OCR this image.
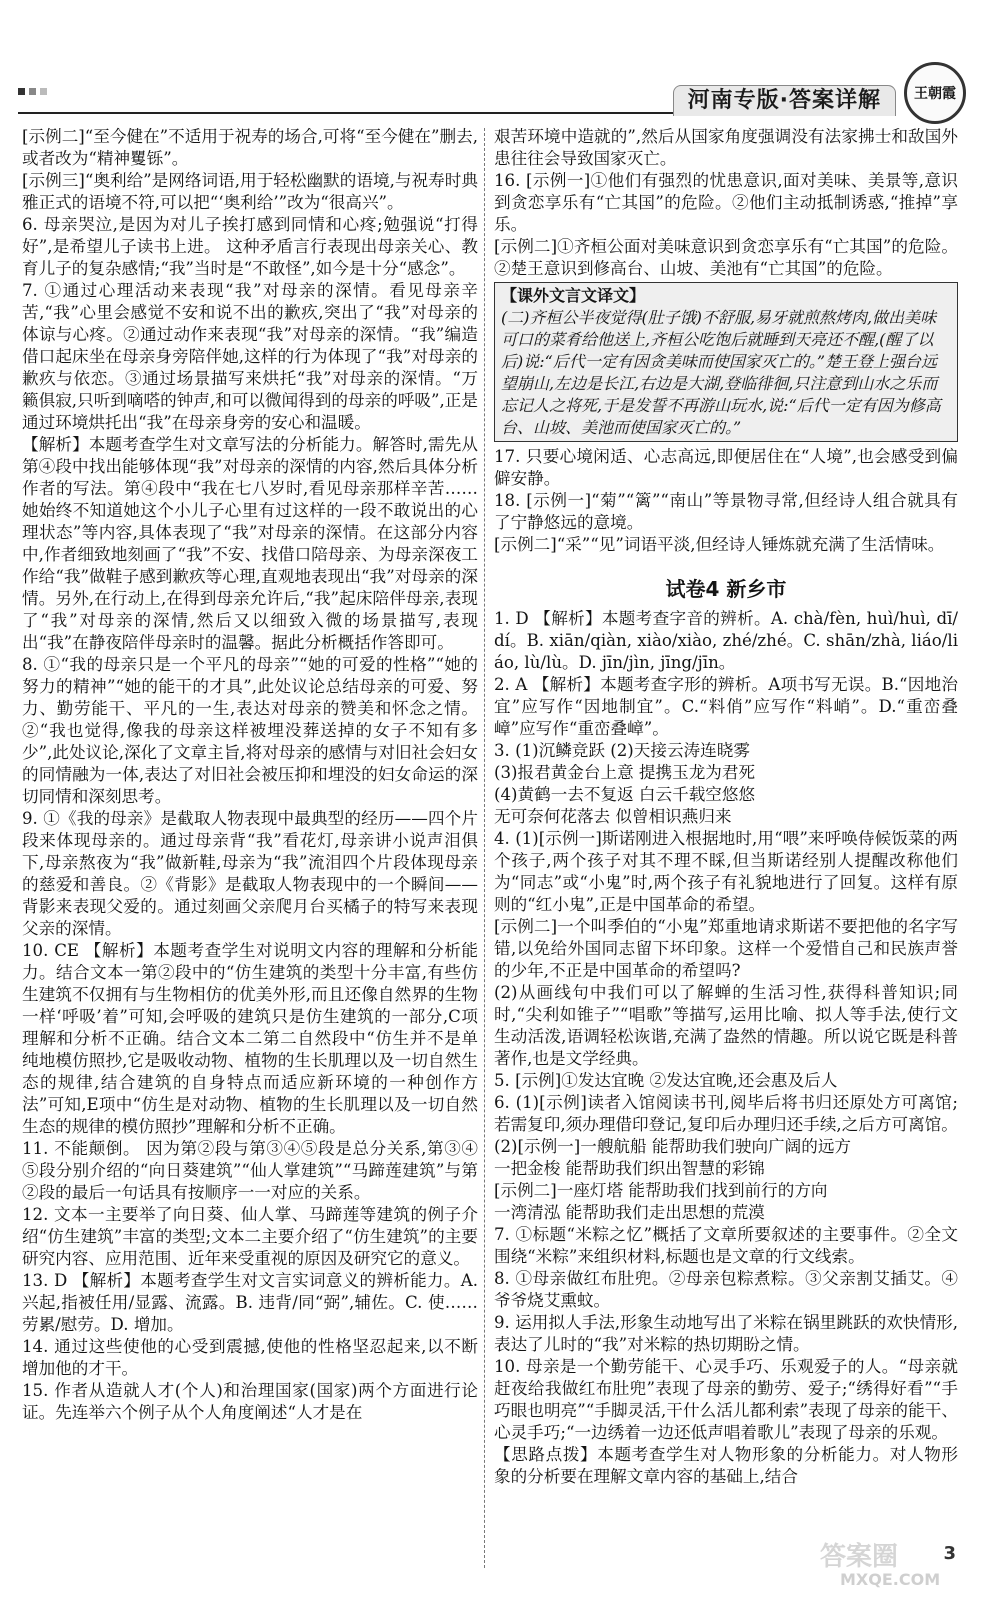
河南专版·答案详解	王朝霞

[示例二]“至今健在”不适用于祝寿的场合,可将“至今健在”删去,或者改为“精神矍铄”。

[示例三]“奥利给”是网络词语,用于轻松幽默的语境,与祝寿时典雅正式的语境不符,可以把“‘奥利给’”改为“很高兴”。

6. 母亲哭泣,是因为对儿子挨打感到同情和心疼;勉强说“打得好”,是希望儿子读书上进。 这种矛盾言行表现出母亲关心、教育儿子的复杂感情;“我”当时是“不敢怪”,如今是十分“感念”。

7. ①通过心理活动来表现“我”对母亲的深情。看见母亲辛苦,“我”心里会感觉不安和说不出的歉疚,突出了“我”对母亲的体谅与心疼。②通过动作来表现“我”对母亲的深情。“我”编造借口起床坐在母亲身旁陪伴她,这样的行为体现了“我”对母亲的歉疚与依恋。③通过场景描写来烘托“我”对母亲的深情。“万籁俱寂,只听到嘀嗒的钟声,和可以微闻得到的母亲的呼吸”,正是通过环境烘托出“我”在母亲身旁的安心和温暖。

【解析】本题考查学生对文章写法的分析能力。解答时,需先从第④段中找出能够体现“我”对母亲的深情的内容,然后具体分析作者的写法。第④段中“我在七八岁时,看见母亲那样辛苦……她始终不知道她这个小儿子心里有过这样的一段不敢说出的心理状态”等内容,具体表现了“我”对母亲的深情。在这部分内容中,作者细致地刻画了“我”不安、找借口陪母亲、为母亲深夜工作给“我”做鞋子感到歉疚等心理,直观地表现出“我”对母亲的深情。另外,在行动上,在得到母亲允许后,“我”起床陪伴母亲,表现了“我”对母亲的深情,然后又以细致入微的场景描写,表现出“我”在静夜陪伴母亲时的温馨。据此分析概括作答即可。

8. ①“我的母亲只是一个平凡的母亲”“她的可爱的性格”“她的努力的精神”“她的能干的才具”,此处议论总结母亲的可爱、努力、勤劳能干、平凡的一生,表达对母亲的赞美和怀念之情。②“我也觉得,像我的母亲这样被埋没葬送掉的女子不知有多少”,此处议论,深化了文章主旨,将对母亲的感情与对旧社会妇女的同情融为一体,表达了对旧社会被压抑和埋没的妇女命运的深切同情和深刻思考。

9. ①《我的母亲》是截取人物表现中最典型的经历——四个片段来体现母亲的。通过母亲背“我”看花灯,母亲讲小说声泪俱下,母亲熬夜为“我”做新鞋,母亲为“我”流泪四个片段体现母亲的慈爱和善良。②《背影》是截取人物表现中的一个瞬间——背影来表现父爱的。通过刻画父亲爬月台买橘子的特写来表现父亲的深情。

10. CE 【解析】本题考查学生对说明文内容的理解和分析能力。结合文本一第②段中的“仿生建筑的类型十分丰富,有些仿生建筑不仅拥有与生物相仿的优美外形,而且还像自然界的生物一样‘呼吸’着”可知,会呼吸的建筑只是仿生建筑的一部分,C项理解和分析不正确。结合文本二第二自然段中“仿生并不是单纯地模仿照抄,它是吸收动物、植物的生长肌理以及一切自然生态的规律,结合建筑的自身特点而适应新环境的一种创作方法”可知,E项中“仿生是对动物、植物的生长肌理以及一切自然生态的规律的模仿照抄”理解和分析不正确。

11. 不能颠倒。 因为第②段与第③④⑤段是总分关系,第③④⑤段分别介绍的“向日葵建筑”“仙人掌建筑”“马蹄莲建筑”与第②段的最后一句话具有按顺序一一对应的关系。

12. 文本一主要举了向日葵、仙人掌、马蹄莲等建筑的例子介绍“仿生建筑”丰富的类型;文本二主要介绍了“仿生建筑”的主要研究内容、应用范围、近年来受重视的原因及研究它的意义。

13. D 【解析】本题考查学生对文言实词意义的辨析能力。A. 兴起,指被任用/显露、流露。B. 违背/同“弼”,辅佐。C. 使……劳累/慰劳。D. 增加。

14. 通过这些使他的心受到震撼,使他的性格坚忍起来,以不断增加他的才干。

15. 作者从造就人才(个人)和治理国家(国家)两个方面进行论证。先连举六个例子从个人角度阐述“人才是在

艰苦环境中造就的”,然后从国家角度强调没有法家拂士和敌国外患往往会导致国家灭亡。

16. [示例一]①他们有强烈的忧患意识,面对美味、美景等,意识到贪恋享乐有“亡其国”的危险。②他们主动抵制诱惑,“推掉”享乐。

[示例二]①齐桓公面对美味意识到贪恋享乐有“亡其国”的危险。②楚王意识到修高台、山坡、美池有“亡其国”的危险。

【课外文言文译文】
(二)齐桓公半夜觉得(肚子饿)不舒服,易牙就煎熬烤肉,做出美味可口的菜肴给他送上,齐桓公吃饱后就睡到天亮还不醒,(醒了以后)说:“后代一定有因贪美味而使国家灭亡的。”楚王登上强台远望崩山,左边是长江,右边是大湖,登临徘徊,只注意到山水之乐而忘记人之将死,于是发誓不再游山玩水,说:“后代一定有因为修高台、山坡、美池而使国家灭亡的。”

17. 只要心境闲适、心志高远,即便居住在“人境”,也会感受到偏僻安静。

18. [示例一]“菊”“篱”“南山”等景物寻常,但经诗人组合就具有了宁静悠远的意境。

[示例二]“采”“见”词语平淡,但经诗人锤炼就充满了生活情味。

试卷4 新乡市

1. D 【解析】本题考查字音的辨析。A. chà/fèn, huì/huì, dī/dí。B. xiān/qiàn, xiào/xiào, zhé/zhé。C. shān/zhà, liáo/liáo, lù/lù。D. jīn/jìn, jīng/jīn。

2. A 【解析】本题考查字形的辨析。A项书写无误。B.“因地治宜”应写作“因地制宜”。C.“料俏”应写作“料峭”。D.“重峦叠嶂”应写作“重峦叠嶂”。

3. (1)沉鳞竞跃 (2)天接云涛连晓雾

(3)报君黄金台上意 提携玉龙为君死

(4)黄鹤一去不复返 白云千载空悠悠

无可奈何花落去 似曾相识燕归来

4. (1)[示例一]斯诺刚进入根据地时,用“喂”来呼唤侍候饭菜的两个孩子,两个孩子对其不理不睬,但当斯诺经别人提醒改称他们为“同志”或“小鬼”时,两个孩子有礼貌地进行了回复。这样有原则的“红小鬼”,正是中国革命的希望。

[示例二]一个叫季伯的“小鬼”郑重地请求斯诺不要把他的名字写错,以免给外国同志留下坏印象。这样一个爱惜自己和民族声誉的少年,不正是中国革命的希望吗?

(2)从画线句中我们可以了解蝉的生活习性,获得科普知识;同时,“尖利如锥子”“唱歌”等描写,运用比喻、拟人等手法,使行文生动活泼,语调轻松诙谐,充满了盎然的情趣。所以说它既是科普著作,也是文学经典。

5. [示例]①发达宜晚 ②发达宜晚,还会惠及后人

6. (1)[示例]读者入馆阅读书刊,阅毕后将书归还原处方可离馆;若需复印,须办理借印登记,复印后办理归还手续,之后方可离馆。

(2)[示例一]一艘航船 能帮助我们驶向广阔的远方

一把金梭 能帮助我们织出智慧的彩锦

[示例二]一座灯塔 能帮助我们找到前行的方向

一湾清泓 能帮助我们走出思想的荒漠

7. ①标题“米粽之忆”概括了文章所要叙述的主要事件。②全文围绕“米粽”来组织材料,标题也是文章的行文线索。

8. ①母亲做红布肚兜。②母亲包粽煮粽。③父亲割艾插艾。④爷爷烧艾熏蚊。

9. 运用拟人手法,形象生动地写出了米粽在锅里跳跃的欢快情形,表达了儿时的“我”对米粽的热切期盼之情。

10. 母亲是一个勤劳能干、心灵手巧、乐观爱子的人。“母亲就赶夜给我做红布肚兜”表现了母亲的勤劳、爱子;“绣得好看”“手巧眼也明亮”“手脚灵活,干什么活儿都利索”表现了母亲的能干、心灵手巧;“一边绣着一边还低声唱着歌儿”表现了母亲的乐观。

【思路点拨】本题考查学生对人物形象的分析能力。对人物形象的分析要在理解文章内容的基础上,结合

答案圈
MXQE.COM
3
